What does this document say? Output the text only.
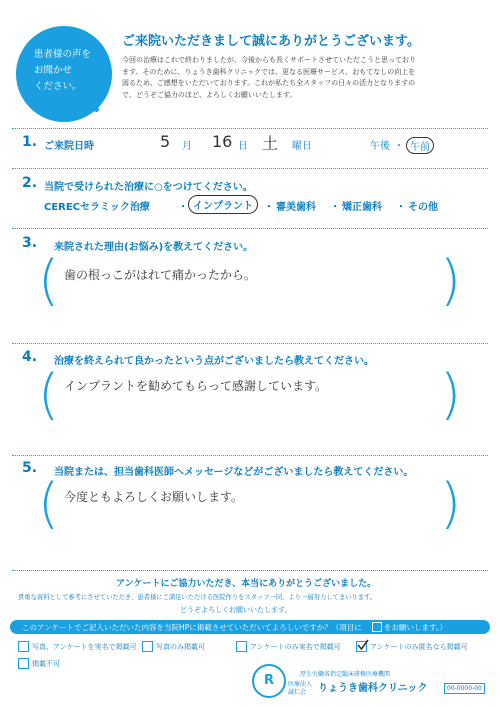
患者様の声を
お聞かせ
ください。
ご来院いただきまして誠にありがとうございます。
今回の治療はこれで終わりましたが、今後からも長くサポートさせていただこうと思っており
ます。そのために、りょうき歯科クリニックでは、更なる医療サービス、おもてなしの向上を
図るため、ご感想をいただいております。これが私たち全スタッフの日々の活力となりますの
で、どうぞご協力のほど、よろしくお願いいたします。
1. ご来院日時	5 月 16 日 土 曜日	午後 ・ 午前
2. 当院で受けられた治療に○をつけてください。
CERECセラミック治療	・ インプラント	・ 審美歯科 ・ 矯正歯科 ・ その他
3. 来院された理由(お悩み)を教えてください。
(	)
歯の根っこがはれて痛かったから。
4. 治療を終えられて良かったという点がございましたら教えてください。
(	)
インプラントを勧めてもらって感謝しています。
5. 当院または、担当歯科医師へメッセージなどがございましたら教えてください。
(	)
今度ともよろしくお願いします。
アンケートにご協力いただき、本当にありがとうございました。
貴重な資料として参考にさせていただき、患者様にご満足いただける医院作りをスタッフ一同、より一層努力してまいります。
どうぞよろしくお願いいたします。
このアンケートでご記入いただいた内容を当院HPに掲載させていただいてよろしいですか？（項目に	をお願いします。）
写真、アンケートを実名で掲載可	写真のみ掲載可	アンケートのみ実名で掲載可	アンケートのみ匿名なら掲載可
掲載不可
R	厚生労働省指定臨床研修医療機関
医療法人
誠仁会 りょうき歯科クリニック	00-0000-00
